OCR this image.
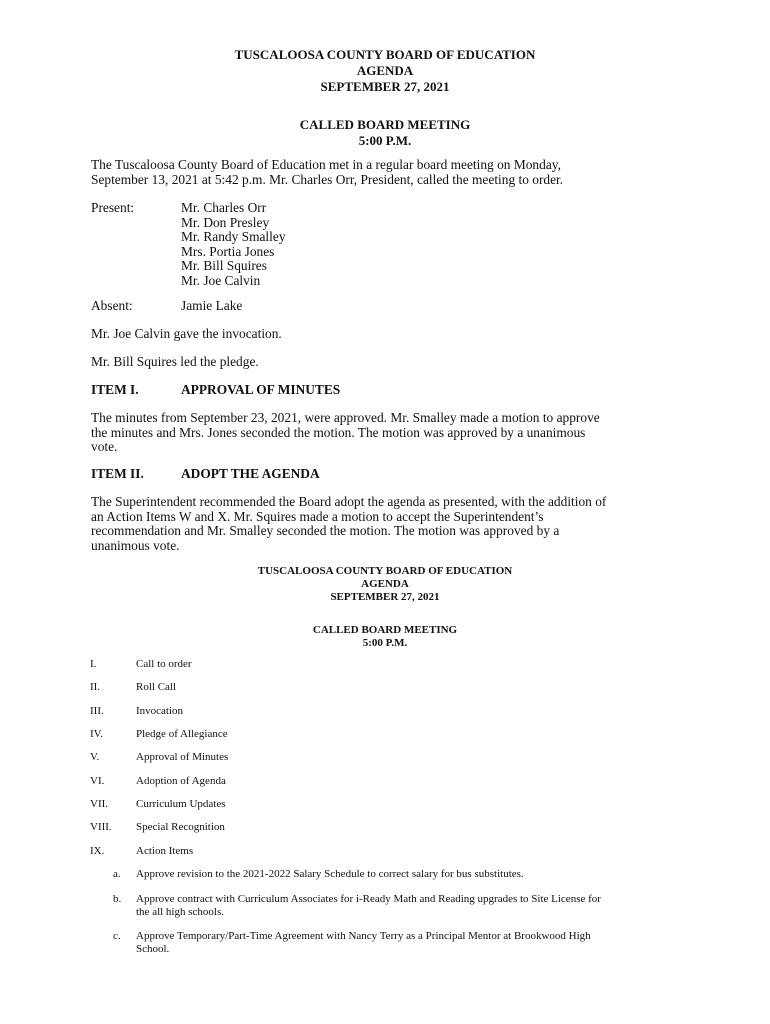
TUSCALOOSA COUNTY BOARD OF EDUCATION
AGENDA
SEPTEMBER 27, 2021
CALLED BOARD MEETING
5:00 P.M.
The Tuscaloosa County Board of Education met in a regular board meeting on Monday,
September 13, 2021 at 5:42 p.m. Mr. Charles Orr, President, called the meeting to order.
Present:	Mr. Charles Orr
Mr. Don Presley
Mr. Randy Smalley
Mrs. Portia Jones
Mr. Bill Squires
Mr. Joe Calvin
Absent:	Jamie Lake
Mr. Joe Calvin gave the invocation.
Mr. Bill Squires led the pledge.
ITEM I.	APPROVAL OF MINUTES
The minutes from September 23, 2021, were approved. Mr. Smalley made a motion to approve
the minutes and Mrs. Jones seconded the motion. The motion was approved by a unanimous
vote.
ITEM II.	ADOPT THE AGENDA
The Superintendent recommended the Board adopt the agenda as presented, with the addition of
an Action Items W and X. Mr. Squires made a motion to accept the Superintendent’s
recommendation and Mr. Smalley seconded the motion. The motion was approved by a
unanimous vote.
TUSCALOOSA COUNTY BOARD OF EDUCATION
AGENDA
SEPTEMBER 27, 2021
CALLED BOARD MEETING
5:00 P.M.
I.	Call to order
II.	Roll Call
III.	Invocation
IV.	Pledge of Allegiance
V.	Approval of Minutes
VI.	Adoption of Agenda
VII.	Curriculum Updates
VIII. Special Recognition
IX.	Action Items
a. Approve revision to the 2021-2022 Salary Schedule to correct salary for bus substitutes.
b. Approve contract with Curriculum Associates for i-Ready Math and Reading upgrades to Site License for
the all high schools.
c. Approve Temporary/Part-Time Agreement with Nancy Terry as a Principal Mentor at Brookwood High
School.
